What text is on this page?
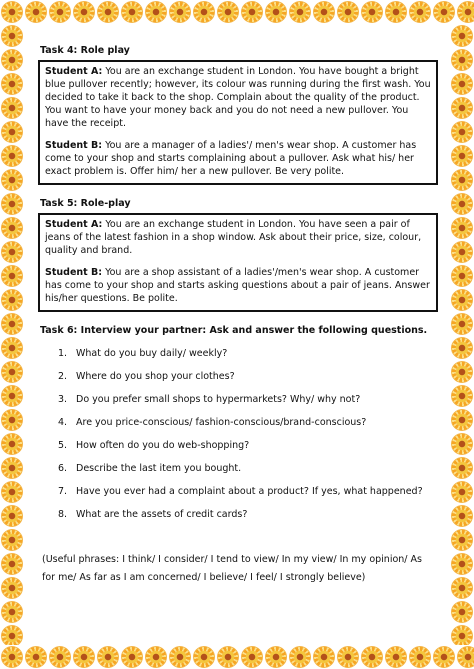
Task 4: Role play

Student A: You are an exchange student in London. You have bought a bright blue pullover recently; however, its colour was running during the first wash. You decided to take it back to the shop. Complain about the quality of the product. You want to have your money back and you do not need a new pullover. You have the receipt.

Student B: You are a manager of a ladies'/ men's wear shop. A customer has come to your shop and starts complaining about a pullover. Ask what his/ her exact problem is. Offer him/ her a new pullover. Be very polite.

Task 5: Role-play

Student A: You are an exchange student in London. You have seen a pair of jeans of the latest fashion in a shop window. Ask about their price, size, colour, quality and brand.

Student B: You are a shop assistant of a ladies'/men's wear shop. A customer has come to your shop and starts asking questions about a pair of jeans. Answer his/her questions. Be polite.

Task 6: Interview your partner: Ask and answer the following questions.
1. What do you buy daily/ weekly?
2. Where do you shop your clothes?
3. Do you prefer small shops to hypermarkets? Why/ why not?
4. Are you price-conscious/ fashion-conscious/brand-conscious?
5. How often do you do web-shopping?
6. Describe the last item you bought.
7. Have you ever had a complaint about a product? If yes, what happened?
8. What are the assets of credit cards?
(Useful phrases: I think/ I consider/ I tend to view/ In my view/ In my opinion/ As for me/ As far as I am concerned/ I believe/ I feel/ I strongly believe)
